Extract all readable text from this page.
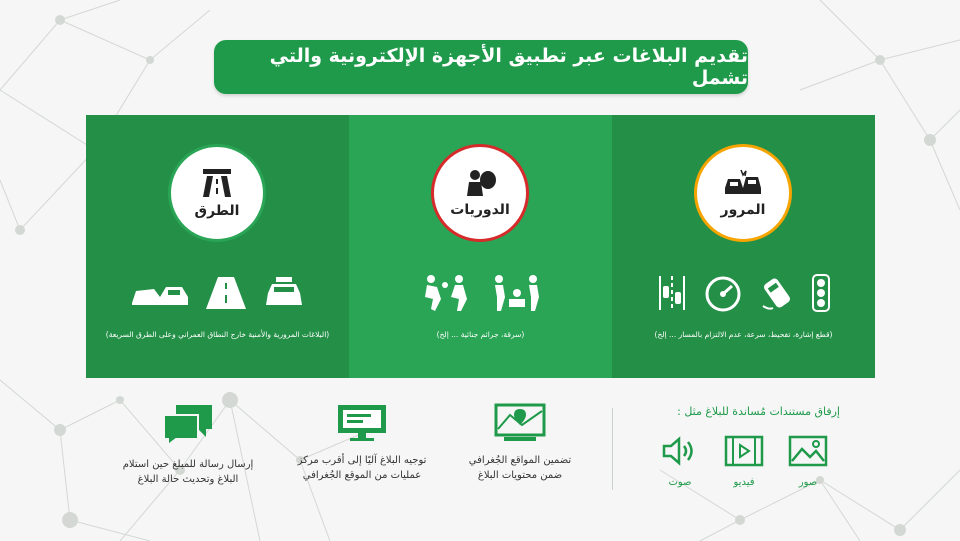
تقديم البلاغات عبر تطبيق الأجهزة الإلكترونية والتي تشمل
المرور
(قطع إشارة، تفحيط، سرعة، عدم الالتزام بالمسار ... إلخ)
الدوريات
(سرقة، جرائم جنائية ... إلخ)
الطرق
(البلاغات المرورية والأمنية خارج النطاق العمراني وعلى الطرق السريعة)
إرفاق مستندات مُساندة للبلاغ مثل :
صور
فيديو
صوت
تضمين المواقع الجُغرافي
ضمن محتويات البلاغ
توجيه البلاغ آليًا إلى أقرب مركز
عمليات من الموقع الجُغرافي
إرسال رسالة للمبلغ حين استلام
البلاغ وتحديث حالة البلاغ
